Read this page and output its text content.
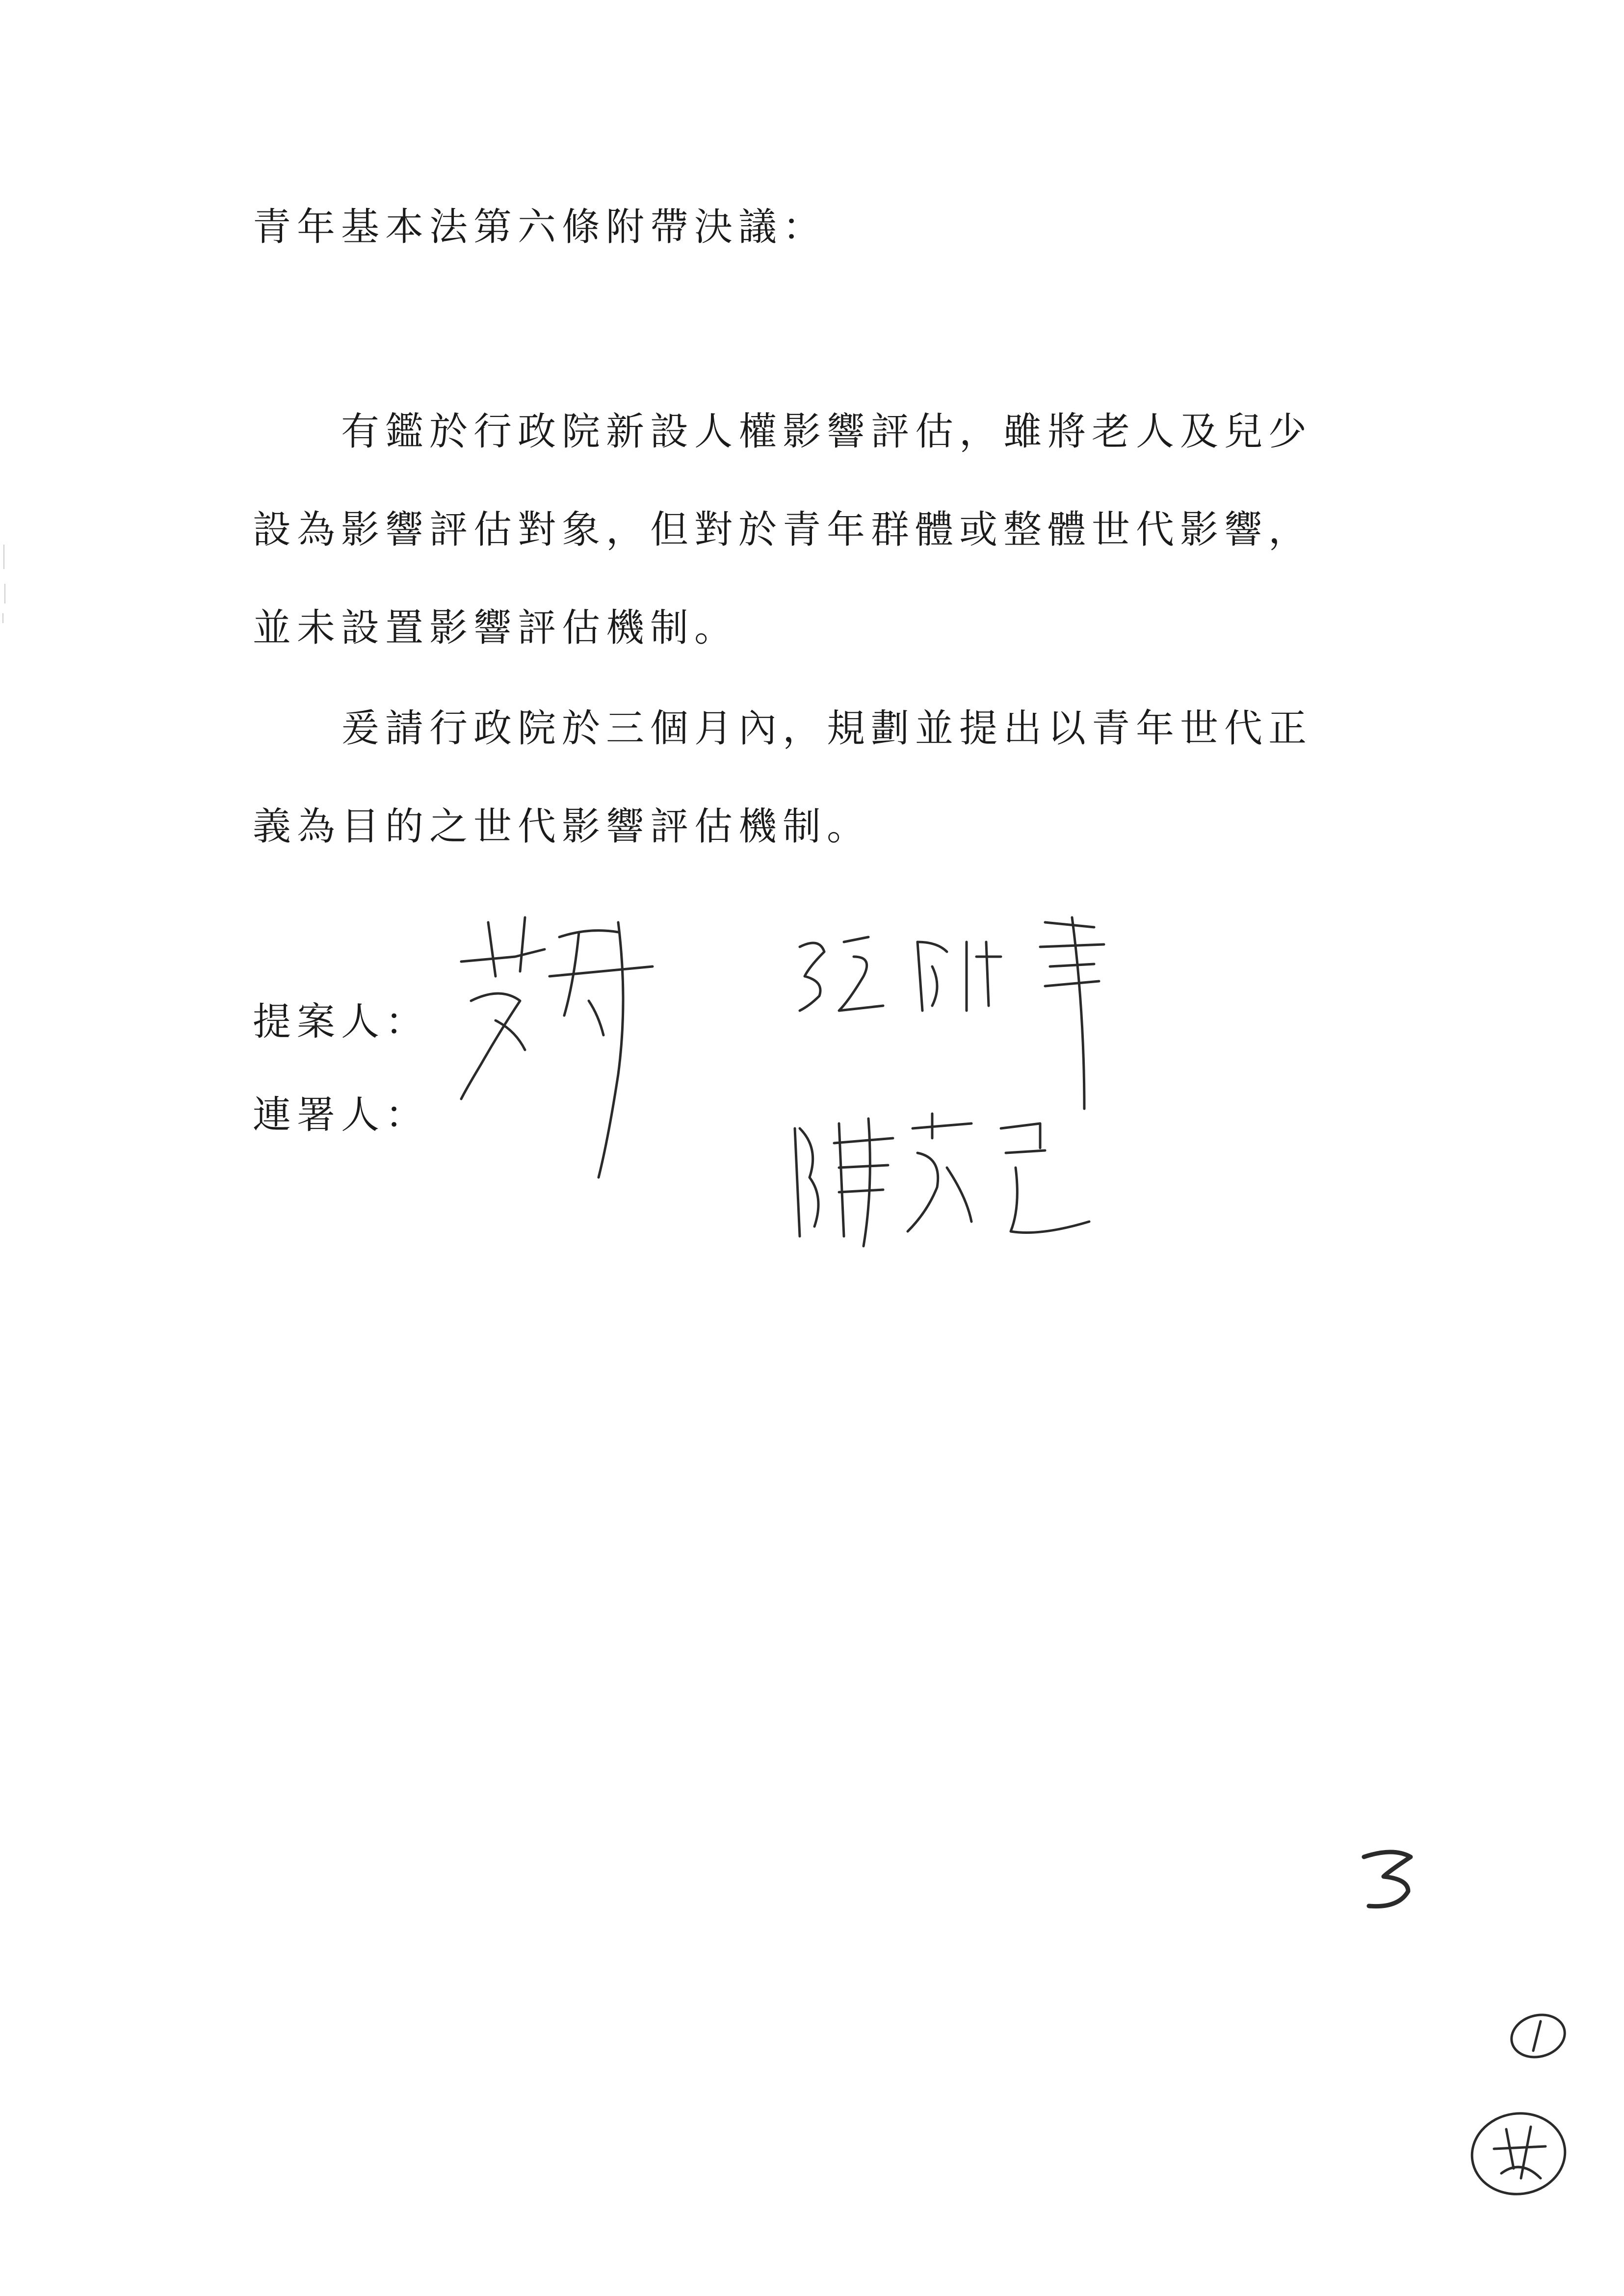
青年基本法第六條附帶決議：
有鑑於行政院新設人權影響評估，雖將老人及兒少設為影響評估對象，但對於青年群體或整體世代影響，並未設置影響評估機制。
爰請行政院於三個月內，規劃並提出以青年世代正義為目的之世代影響評估機制。
提案人：
連署人：
